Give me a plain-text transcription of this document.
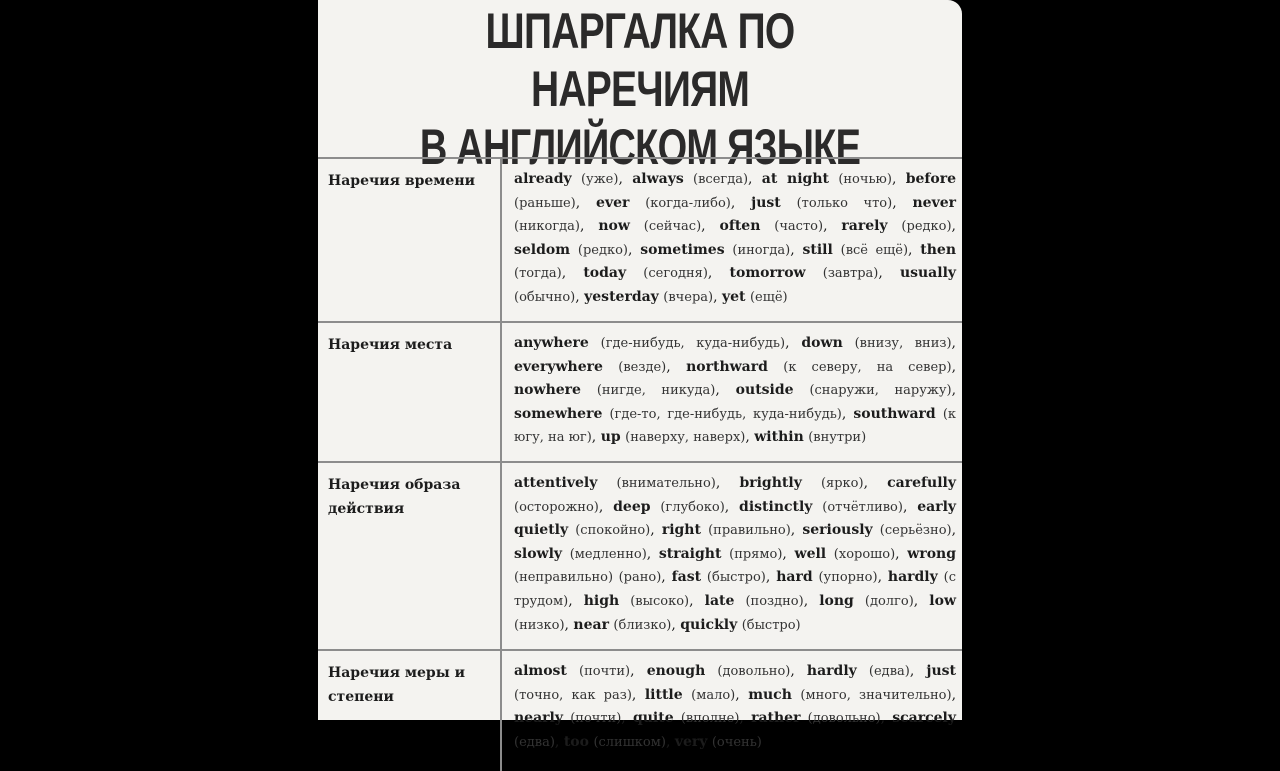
ШПАРГАЛКА ПО НАРЕЧИЯМ
В АНГЛИЙСКОМ ЯЗЫКЕ
Наречия времени	already (уже), always (всегда), at night (ночью), before (раньше), ever (когда-либо), just (только что), never (никогда), now (сейчас), often (часто), rarely (редко), seldom (редко), sometimes (иногда), still (всё ещё), then (тогда), today (сегодня), tomorrow (завтра), usually (обычно), yesterday (вчера), yet (ещё)
Наречия места	anywhere (где-нибудь, куда-нибудь), down (внизу, вниз), everywhere (везде), northward (к северу, на север), nowhere (нигде, никуда), outside (снаружи, наружу), somewhere (где-то, где-нибудь, куда-нибудь), southward (к югу, на юг), up (наверху, наверх), within (внутри)
Наречия образа действия	attentively (внимательно), brightly (ярко), carefully (осторожно), deep (глубоко), distinctly (отчётливо), early quietly (спокойно), right (правильно), seriously (серьёзно), slowly (медленно), straight (прямо), well (хорошо), wrong (неправильно) (рано), fast (быстро), hard (упорно), hardly (с трудом), high (высоко), late (поздно), long (долго), low (низко), near (близко), quickly (быстро)
Наречия меры и степени	almost (почти), enough (довольно), hardly (едва), just (точно, как раз), little (мало), much (много, значительно), nearly (почти), quite (вполне), rather (довольно), scarcely (едва), too (слишком), very (очень)
